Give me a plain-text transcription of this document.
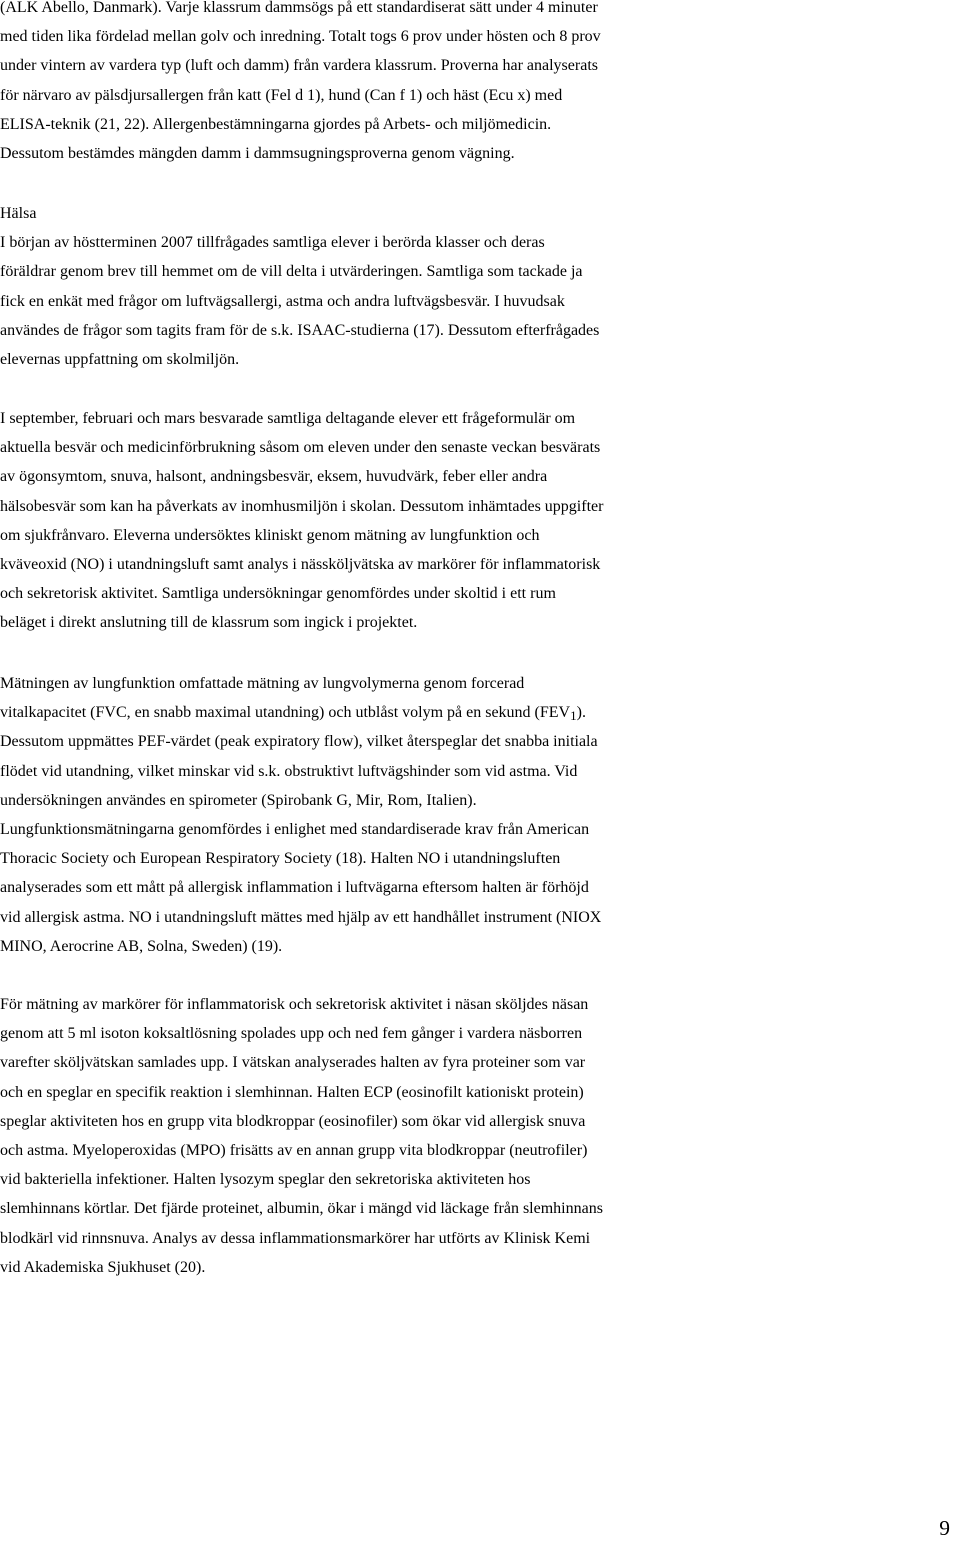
(ALK Abello, Danmark). Varje klassrum dammsögs på ett standardiserat sätt under 4 minuter
med tiden lika fördelad mellan golv och inredning. Totalt togs 6 prov under hösten och 8 prov
under vintern av vardera typ (luft och damm) från vardera klassrum. Proverna har analyserats
för närvaro av pälsdjursallergen från katt (Fel d 1), hund (Can f 1) och häst (Ecu x) med
ELISA-teknik (21, 22). Allergenbestämningarna gjordes på Arbets- och miljömedicin.
Dessutom bestämdes mängden damm i dammsugningsproverna genom vägning.

Hälsa
I början av höstterminen 2007 tillfrågades samtliga elever i berörda klasser och deras
föräldrar genom brev till hemmet om de vill delta i utvärderingen. Samtliga som tackade ja
fick en enkät med frågor om luftvägsallergi, astma och andra luftvägsbesvär. I huvudsak
användes de frågor som tagits fram för de s.k. ISAAC-studierna (17). Dessutom efterfrågades
elevernas uppfattning om skolmiljön.

I september, februari och mars besvarade samtliga deltagande elever ett frågeformulär om
aktuella besvär och medicinförbrukning såsom om eleven under den senaste veckan besvärats
av ögonsymtom, snuva, halsont, andningsbesvär, eksem, huvudvärk, feber eller andra
hälsobesvär som kan ha påverkats av inomhusmiljön i skolan. Dessutom inhämtades uppgifter
om sjukfrånvaro. Eleverna undersöktes kliniskt genom mätning av lungfunktion och
kväveoxid (NO) i utandningsluft samt analys i nässköljvätska av markörer för inflammatorisk
och sekretorisk aktivitet. Samtliga undersökningar genomfördes under skoltid i ett rum
beläget i direkt anslutning till de klassrum som ingick i projektet.

Mätningen av lungfunktion omfattade mätning av lungvolymerna genom forcerad
vitalkapacitet (FVC, en snabb maximal utandning) och utblåst volym på en sekund $(FEV_1)$.
Dessutom uppmättes PEF-värdet (peak expiratory flow), vilket återspeglar det snabba initiala
flödet vid utandning, vilket minskar vid s.k. obstruktivt luftvägshinder som vid astma. Vid
undersökningen användes en spirometer (Spirobank G, Mir, Rom, Italien).
Lungfunktionsmätningarna genomfördes i enlighet med standardiserade krav från American
Thoracic Society och European Respiratory Society (18). Halten NO i utandningsluften
analyserades som ett mått på allergisk inflammation i luftvägarna eftersom halten är förhöjd
vid allergisk astma. NO i utandningsluft mättes med hjälp av ett handhållet instrument (NIOX
MINO, Aerocrine AB, Solna, Sweden) (19).

För mätning av markörer för inflammatorisk och sekretorisk aktivitet i näsan sköljdes näsan
genom att 5 ml isoton koksaltlösning spolades upp och ned fem gånger i vardera näsborren
varefter sköljvätskan samlades upp. I vätskan analyserades halten av fyra proteiner som var
och en speglar en specifik reaktion i slemhinnan. Halten ECP (eosinofilt kationiskt protein)
speglar aktiviteten hos en grupp vita blodkroppar (eosinofiler) som ökar vid allergisk snuva
och astma. Myeloperoxidas (MPO) frisätts av en annan grupp vita blodkroppar (neutrofiler)
vid bakteriella infektioner. Halten lysozym speglar den sekretoriska aktiviteten hos
slemhinnans körtlar. Det fjärde proteinet, albumin, ökar i mängd vid läckage från slemhinnans
blodkärl vid rinnsnuva. Analys av dessa inflammationsmarkörer har utförts av Klinisk Kemi
vid Akademiska Sjukhuset (20).

9
